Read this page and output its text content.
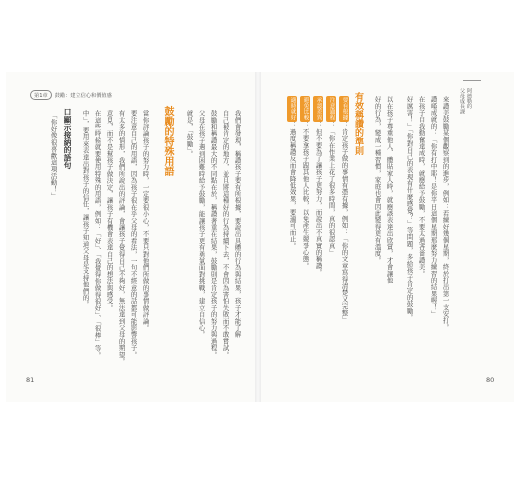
第1章	鼓勵：建立信心和價值感	阿德勒的
父母成長課
來讚美鼓勵某個觀察到的進步，例如：若練好幾個星期，終於打出第一支安打。
讚嘆成就的：「你有打中耶！是你平日這個星期那麼努力練習的結果喔！」
在孩子自我勤奮達成時，就應給予鼓勵，不要太過吝嗇讚美。
好厲害！」「你對自己的表現有什麼感覺？」等問題，多給孩子肯定的鼓勵。
以在孩子尊重他人、體貼家人時，就應該表達出欣賞，才會讓他
好的行為，變成一種習慣，家庭也會因此變得更有溫度。
有效稱讚的準則
要有根據：肯定孩子做的事情有憑有據，例如：「你的文章寫得清楚又完整」
注意過程：「你在作業上花了很多時間，真的很認真」
承認差異：但不要為了讓孩子更努力，而說出不真實的稱讚。
避免比較：不要拿孩子跟其他人比較，以免產生競爭心態。
適時就好：過度稱讚反而會降低效果，要適可而止。
80
我們會發現，稱讚孩子要有所根據，要說出具體的行為與結果，孩子才能了解
自己被肯定的地方，並且將這種好的行為持續下去，不會因為害怕失敗而不敢嘗試。
鼓勵和稱讚最大的不同點在於，稱讚著重在結果，鼓勵則是肯定孩子的努力與過程。
父母在孩子遇到困難時給予鼓勵，能讓孩子更有勇氣面對挑戰，建立自信心。
就是，「鼓勵」。
鼓勵的特殊用語
當你評論孩子的努力時，一定要很小心，不要只對他們所做的事情做評論。
要注意自己的用語，因為孩子很在乎父母的看法，一句不經意的話都可能影響孩子。
有太多的情形，我們所說出的評論，會讓孩子覺得自己不夠好，無法達到父母的期望。
意見，而不是幫孩子做決定，讓孩子有機會表達自己的想法與感受。
在這些時候就要使用特殊的用語，例如：「好」、「我覺得你做得很好」、「很棒」等。
中」，要用來表達出對孩子的信任，讓孩子知道父母是支持他們的。
口顯示接納的語句
「你好像很喜歡這項活動！」
81
